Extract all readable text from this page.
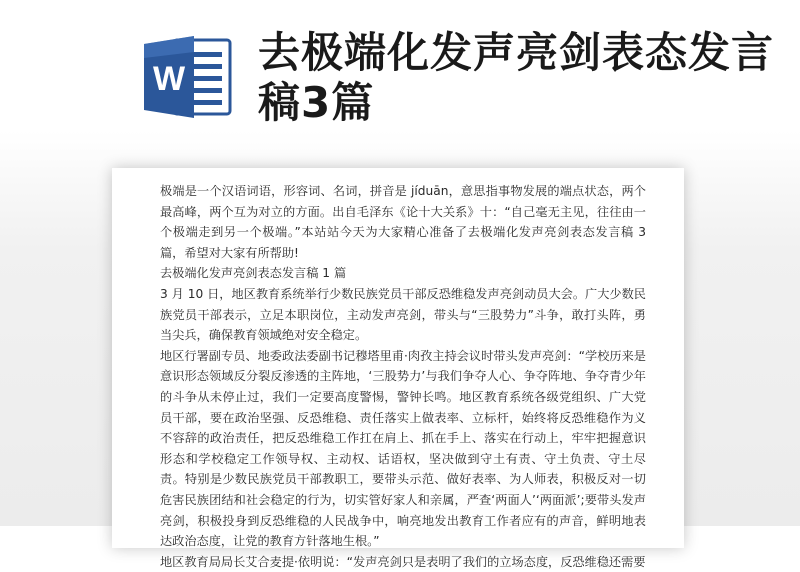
W
去极端化发声亮剑表态发言稿3篇

极端是一个汉语词语，形容词、名词，拼音是 jíduān，意思指事物发展的端点状态，两个最高峰，两个互为对立的方面。出自毛泽东《论十大关系》十：“自己毫无主见，往往由一个极端走到另一个极端。”本站站今天为大家精心准备了去极端化发声亮剑表态发言稿 3 篇，希望对大家有所帮助!

去极端化发声亮剑表态发言稿 1 篇

3 月 10 日，地区教育系统举行少数民族党员干部反恐维稳发声亮剑动员大会。广大少数民族党员干部表示，立足本职岗位，主动发声亮剑，带头与“三股势力”斗争，敢打头阵，勇当尖兵，确保教育领域绝对安全稳定。

地区行署副专员、地委政法委副书记穆塔里甫·肉孜主持会议时带头发声亮剑：“学校历来是意识形态领域反分裂反渗透的主阵地，‘三股势力’与我们争夺人心、争夺阵地、争夺青少年的斗争从未停止过，我们一定要高度警惕，警钟长鸣。地区教育系统各级党组织、广大党员干部，要在政治坚强、反恐维稳、责任落实上做表率、立标杆，始终将反恐维稳作为义不容辞的政治责任，把反恐维稳工作扛在肩上、抓在手上、落实在行动上，牢牢把握意识形态和学校稳定工作领导权、主动权、话语权，坚决做到守土有责、守土负责、守土尽责。特别是少数民族党员干部教职工，要带头示范、做好表率、为人师表，积极反对一切危害民族团结和社会稳定的行为，切实管好家人和亲属，严查‘两面人’‘两面派’;要带头发声亮剑，积极投身到反恐维稳的人民战争中，响亮地发出教育工作者应有的声音，鲜明地表达政治态度，让党的教育方针落地生根。”

地区教育局局长艾合麦提·依明说：“发声亮剑只是表明了我们的立场态度，反恐维稳还需要
